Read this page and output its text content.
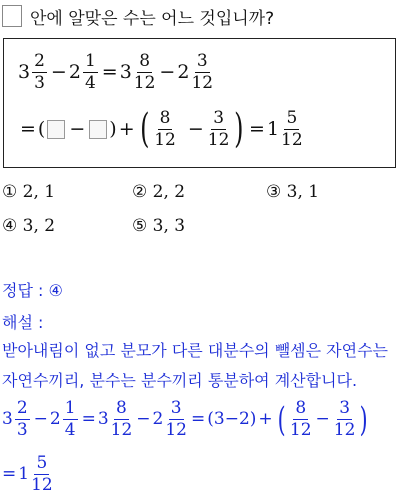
안에 알맞은 수는 어느 것입니까?
$3 \frac{2}{3} - 2 \frac{1}{4} = 3 \frac{8}{12} - 2 \frac{3}{12}$
= ( − ) + ( $\frac{8}{12} - \frac{3}{12}$ ) = $1 \frac{5}{12}$
① 2, 1	② 2, 2	③ 3, 1
④ 3, 2	⑤ 3, 3
정답 : ④
해설 :
받아내림이 없고 분모가 다른 대분수의 뺄셈은 자연수는 자연수끼리, 분수는 분수끼리 통분하여 계산합니다.
$3 \frac{2}{3} - 2 \frac{1}{4} = 3 \frac{8}{12} - 2 \frac{3}{12} = (3-2)$ + ( $\frac{8}{12} - \frac{3}{12}$ )
= $1 \frac{5}{12}$
